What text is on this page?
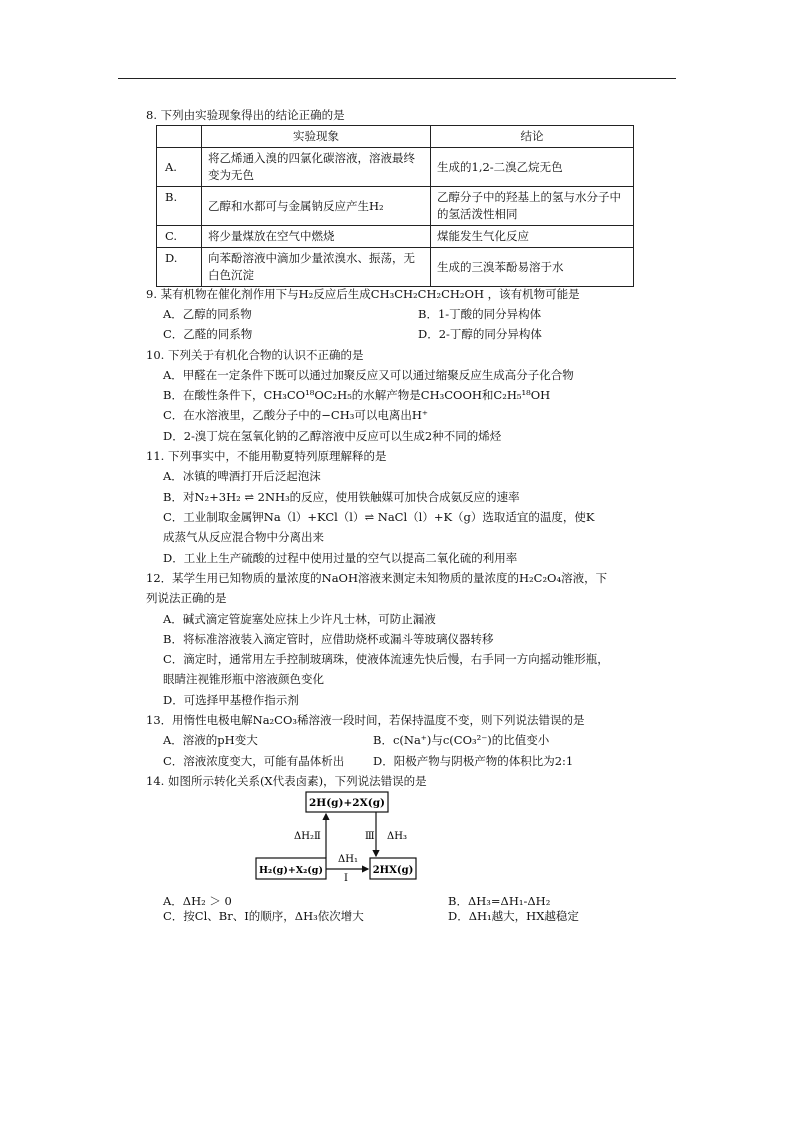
8. 下列由实验现象得出的结论正确的是
	实验现象	结论
A.	将乙烯通入溴的四氯化碳溶液，溶液最终变为无色	生成的1,2-二溴乙烷无色
B.	乙醇和水都可与金属钠反应产生H₂	乙醇分子中的羟基上的氢与水分子中的氢活泼性相同
C.	将少量煤放在空气中燃烧	煤能发生气化反应
D.	向苯酚溶液中滴加少量浓溴水、振荡，无白色沉淀	生成的三溴苯酚易溶于水
9. 某有机物在催化剂作用下与H₂反应后生成CH₃CH₂CH₂CH₂OH ，该有机物可能是
A．乙醇的同系物	B．1-丁酸的同分异构体
C．乙醛的同系物	D．2-丁醇的同分异构体
10. 下列关于有机化合物的认识不正确的是
A．甲醛在一定条件下既可以通过加聚反应又可以通过缩聚反应生成高分子化合物
B．在酸性条件下，CH₃CO¹⁸OC₂H₅的水解产物是CH₃COOH和C₂H₅¹⁸OH
C．在水溶液里，乙酸分子中的−CH₃可以电离出H⁺
D．2-溴丁烷在氢氧化钠的乙醇溶液中反应可以生成2种不同的烯烃
11. 下列事实中，不能用勒夏特列原理解释的是
A．冰镇的啤酒打开后泛起泡沫
B．对N₂+3H₂ ⇌ 2NH₃的反应，使用铁触媒可加快合成氨反应的速率
C．工业制取金属钾Na（l）+KCl（l）⇌ NaCl（l）+K（g）选取适宜的温度，使K
成蒸气从反应混合物中分离出来
D．工业上生产硫酸的过程中使用过量的空气以提高二氧化硫的利用率
12．某学生用已知物质的量浓度的NaOH溶液来测定未知物质的量浓度的H₂C₂O₄溶液，下
列说法正确的是
A．碱式滴定管旋塞处应抹上少许凡士林，可防止漏液
B．将标准溶液装入滴定管时，应借助烧杯或漏斗等玻璃仪器转移
C．滴定时，通常用左手控制玻璃珠，使液体流速先快后慢，右手同一方向摇动锥形瓶，
眼睛注视锥形瓶中溶液颜色变化
D．可选择甲基橙作指示剂
13．用惰性电极电解Na₂CO₃稀溶液一段时间，若保持温度不变，则下列说法错误的是
A．溶液的pH变大	B．c(Na⁺)与c(CO₃²⁻)的比值变小
C．溶液浓度变大，可能有晶体析出 D．阳极产物与阴极产物的体积比为2:1
14. 如图所示转化关系(X代表卤素)，下列说法错误的是
2H(g)+2X(g)
H₂(g)+X₂(g)	2HX(g)
ΔH₂ Ⅱ	Ⅲ ΔH₃
ΔH₁
Ⅰ
A．ΔH₂ ＞ 0	B．ΔH₃=ΔH₁-ΔH₂
C．按Cl、Br、I的顺序，ΔH₃依次增大	D．ΔH₁越大，HX越稳定
